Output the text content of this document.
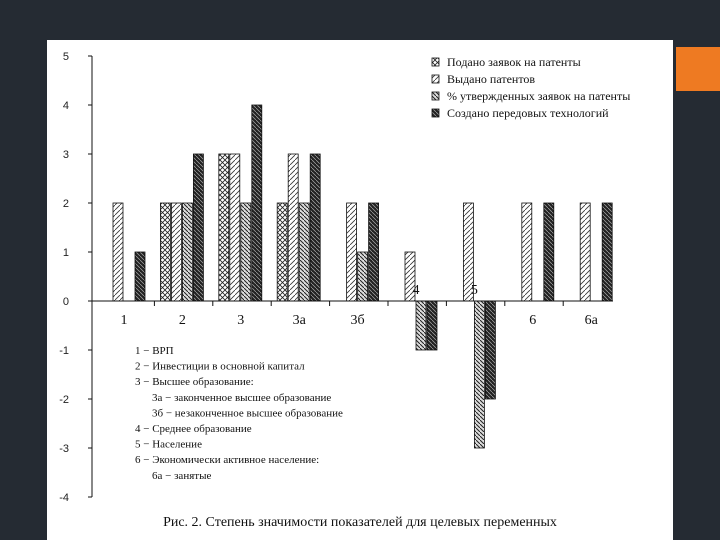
5
4
3
2
1
0
-1
-2
-3
-4
1	2	3	3а	3б
4	5
6	6а
Подано заявок на патенты
Выдано патентов
% утвержденных заявок на патенты
Создано передовых технологий
1 − ВРП
2 − Инвестиции в основной капитал
3 − Высшее образование:
3а − законченное высшее образование
3б − незаконченное высшее образование
4 − Среднее образование
5 − Население
6 − Экономически активное население:
6а − занятые
Рис. 2. Степень значимости показателей для целевых переменных
